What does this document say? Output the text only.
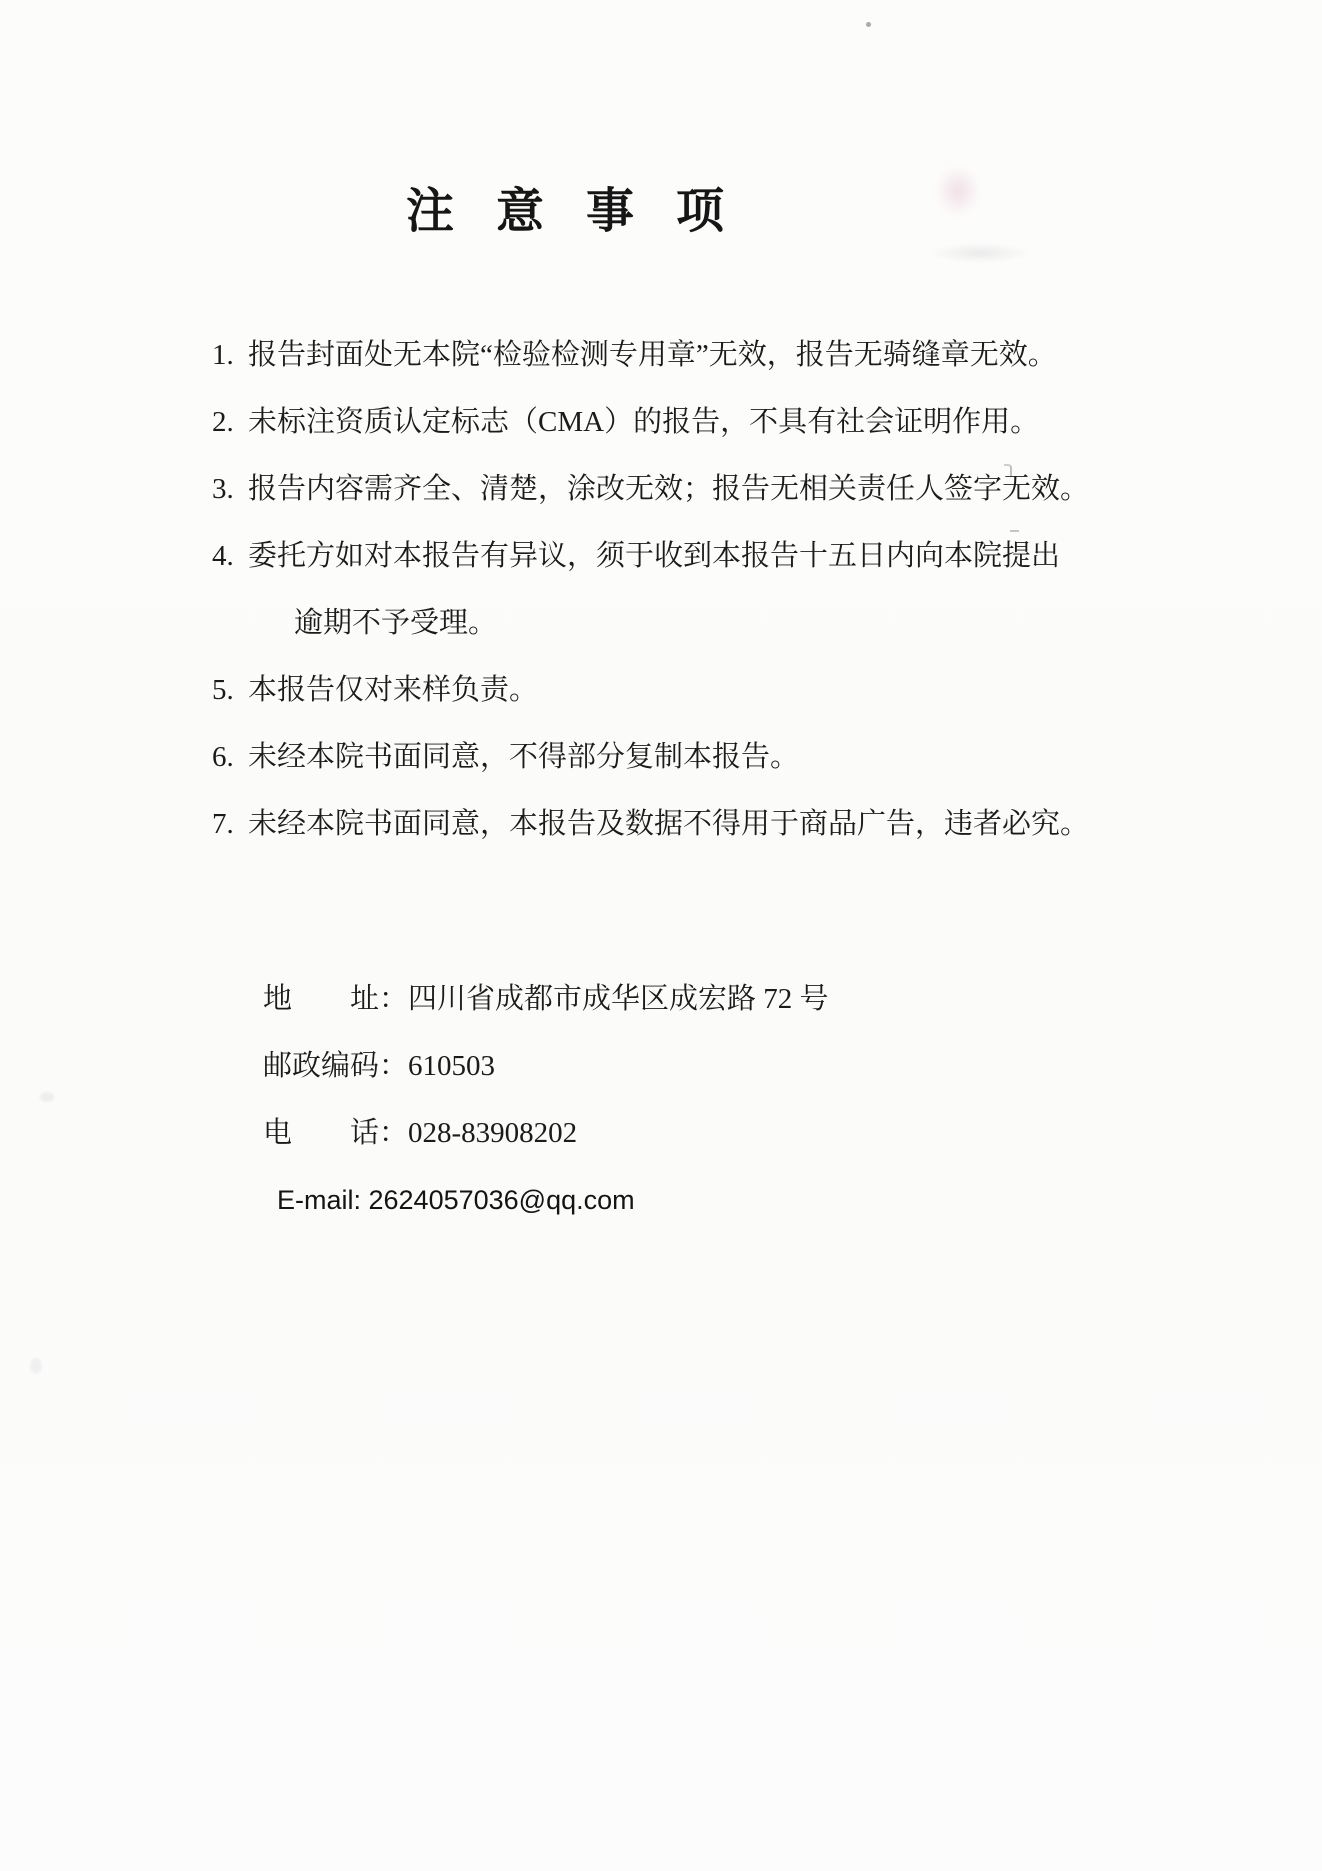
注意事项
1. 报告封面处无本院“检验检测专用章”无效，报告无骑缝章无效。
2. 未标注资质认定标志（CMA）的报告，不具有社会证明作用。
3. 报告内容需齐全、清楚，涂改无效；报告无相关责任人签字无效。
4. 委托方如对本报告有异议，须于收到本报告十五日内向本院提出
逾期不予受理。
5. 本报告仅对来样负责。
6. 未经本院书面同意，不得部分复制本报告。
7. 未经本院书面同意，本报告及数据不得用于商品广告，违者必究。
地　　址：四川省成都市成华区成宏路 72 号
邮政编码：610503
电　　话：028-83908202
E-mail: 2624057036@qq.com
